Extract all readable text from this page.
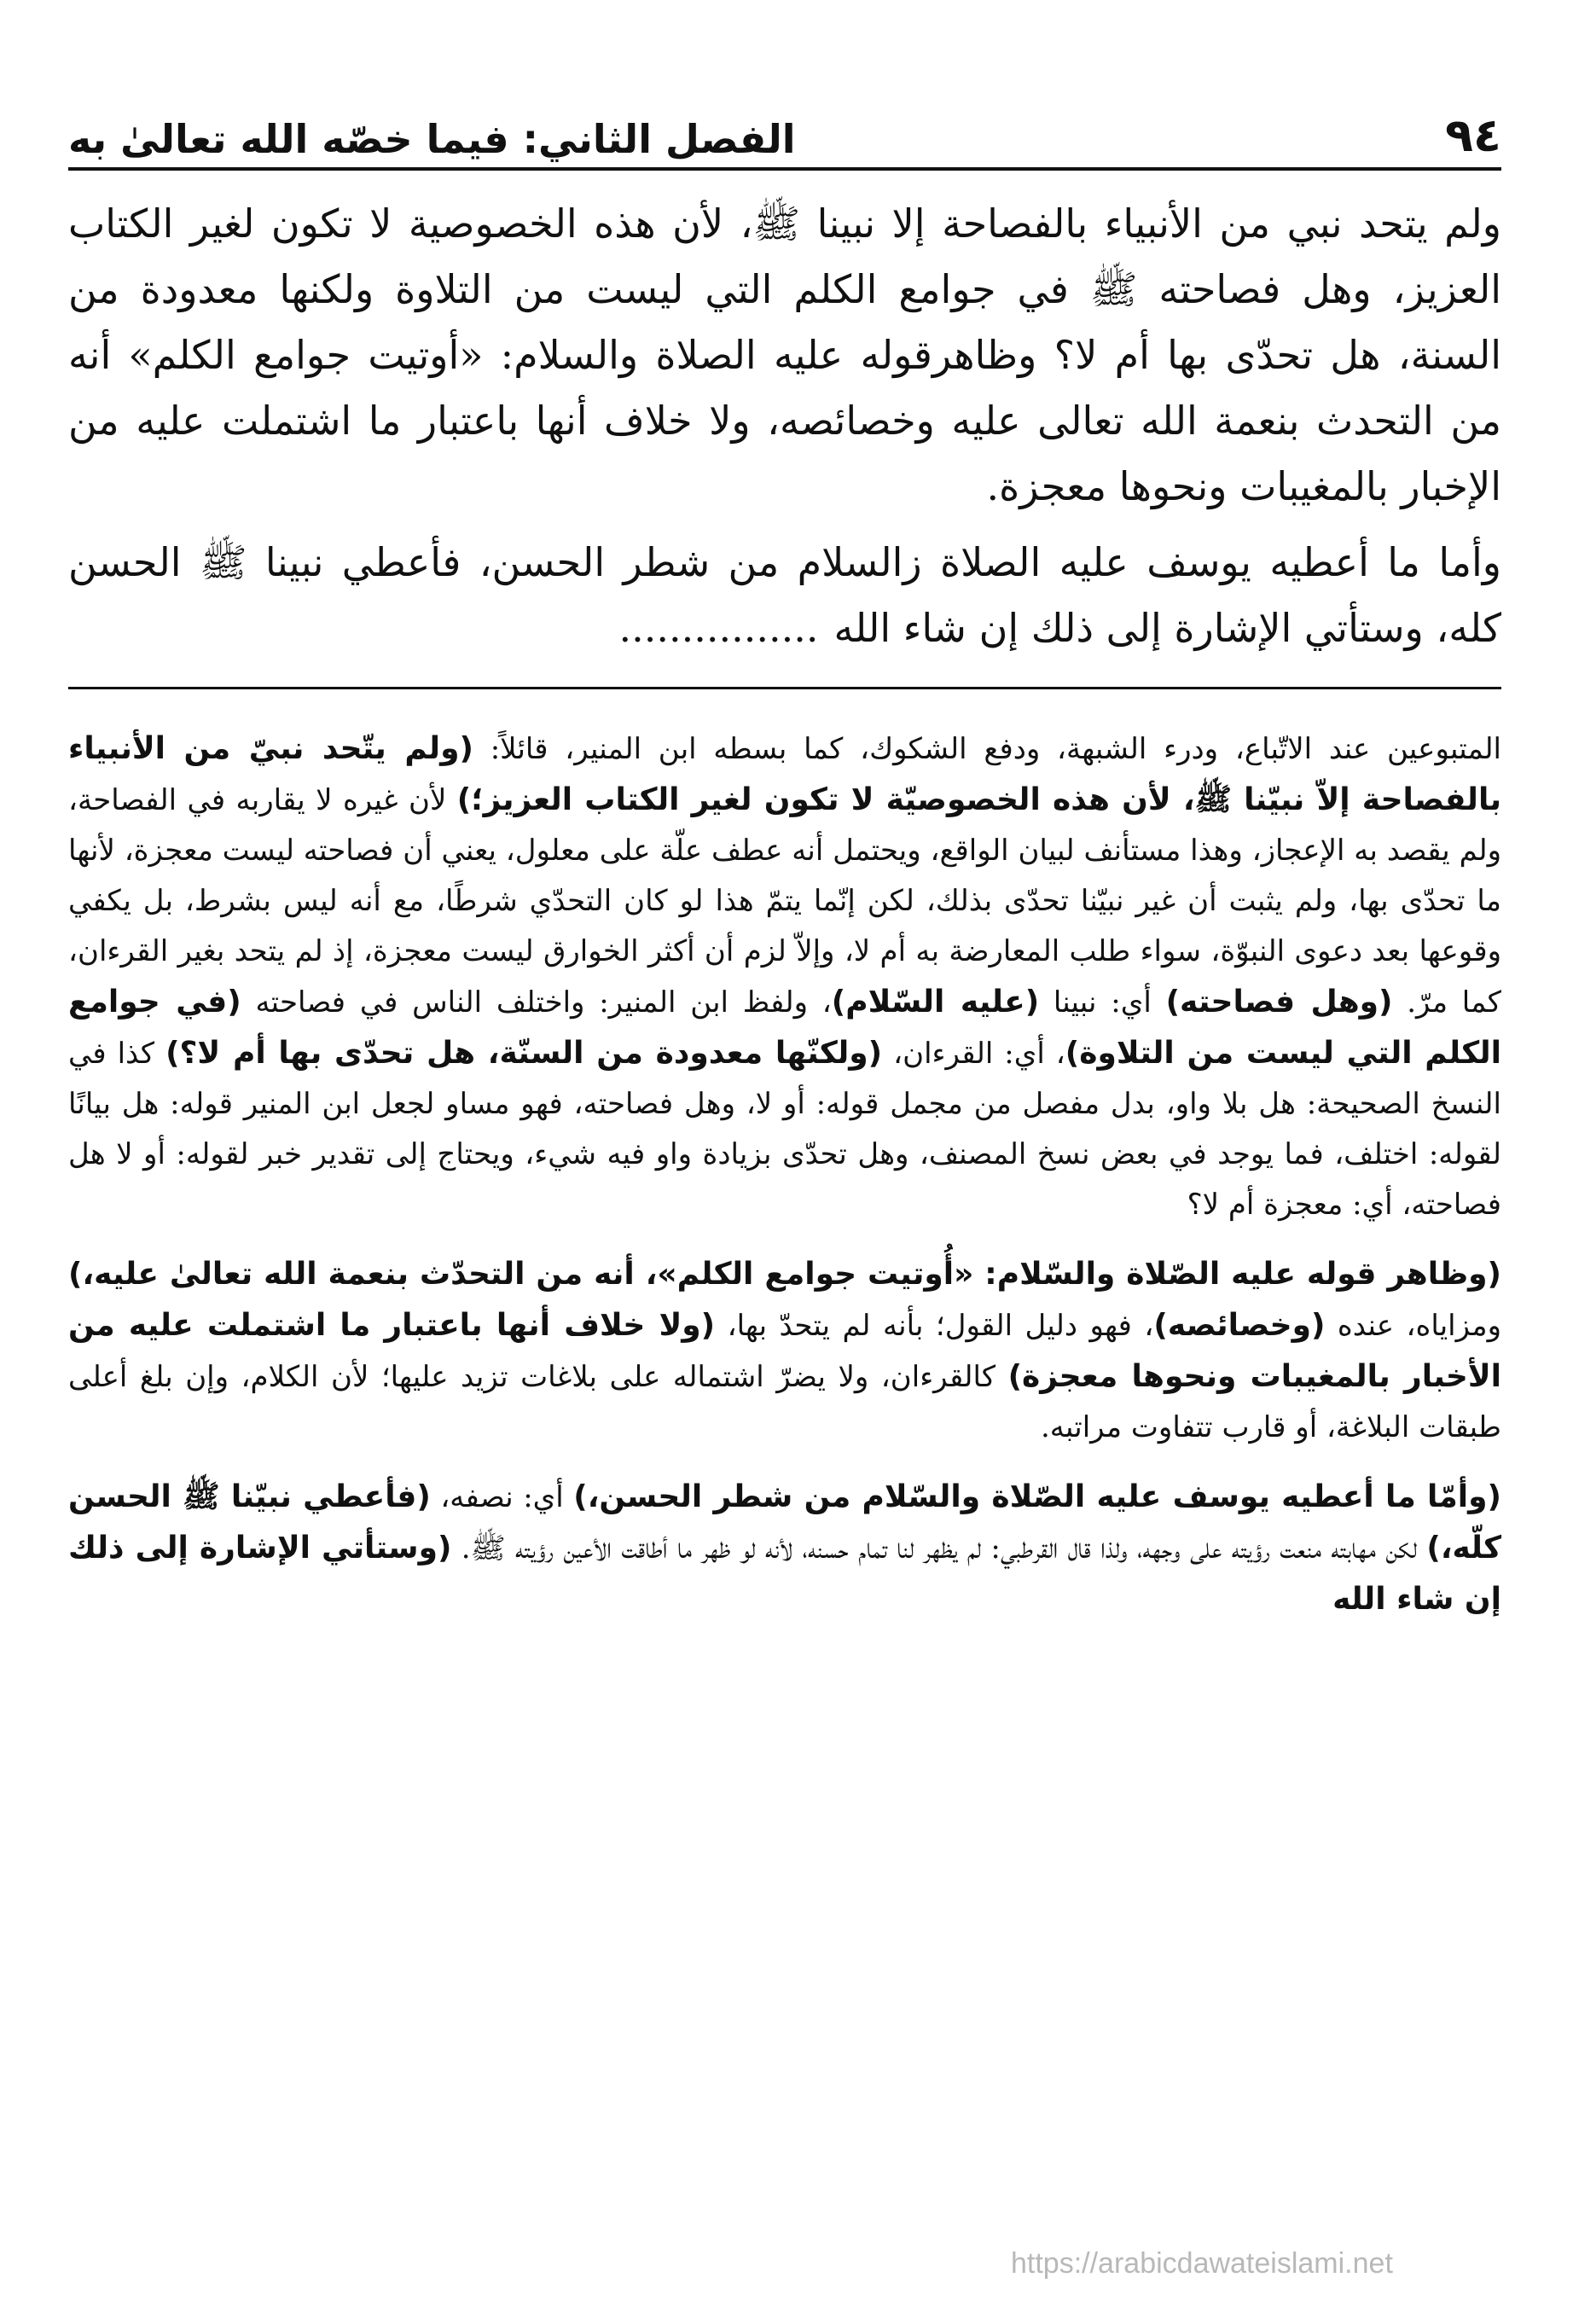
٩٤
الفصل الثاني: فيما خصّه الله تعالىٰ به

ولم يتحد نبي من الأنبياء بالفصاحة إلا نبينا ﷺ، لأن هذه الخصوصية لا تكون لغير الكتاب العزيز، وهل فصاحته ﷺ في جوامع الكلم التي ليست من التلاوة ولكنها معدودة من السنة، هل تحدّى بها أم لا؟ وظاهرقوله عليه الصلاة والسلام: «أوتيت جوامع الكلم» أنه من التحدث بنعمة الله تعالى عليه وخصائصه، ولا خلاف أنها باعتبار ما اشتملت عليه من الإخبار بالمغيبات ونحوها معجزة.

وأما ما أعطيه يوسف عليه الصلاة زالسلام من شطر الحسن، فأعطي نبينا ﷺ الحسن كله، وستأتي الإشارة إلى ذلك إن شاء الله................

المتبوعين عند الاتّباع، ودرء الشبهة، ودفع الشكوك، كما بسطه ابن المنير، قائلاً: (ولم يتّحد نبيّ من الأنبياء بالفصاحة إلاّ نبيّنا ﷺ، لأن هذه الخصوصيّة لا تكون لغير الكتاب العزيز؛) لأن غيره لا يقاربه في الفصاحة، ولم يقصد به الإعجاز، وهذا مستأنف لبيان الواقع، ويحتمل أنه عطف علّة على معلول، يعني أن فصاحته ليست معجزة، لأنها ما تحدّى بها، ولم يثبت أن غير نبيّنا تحدّى بذلك، لكن إنّما يتمّ هذا لو كان التحدّي شرطًا، مع أنه ليس بشرط، بل يكفي وقوعها بعد دعوى النبوّة، سواء طلب المعارضة به أم لا، وإلاّ لزم أن أكثر الخوارق ليست معجزة، إذ لم يتحد بغير القرءان، كما مرّ. (وهل فصاحته) أي: نبينا (عليه السّلام)، ولفظ ابن المنير: واختلف الناس في فصاحته (في جوامع الكلم التي ليست من التلاوة)، أي: القرءان، (ولكنّها معدودة من السنّة، هل تحدّى بها أم لا؟) كذا في النسخ الصحيحة: هل بلا واو، بدل مفصل من مجمل قوله: أو لا، وهل فصاحته، فهو مساو لجعل ابن المنير قوله: هل بيانًا لقوله: اختلف، فما يوجد في بعض نسخ المصنف، وهل تحدّى بزيادة واو فيه شيء، ويحتاج إلى تقدير خبر لقوله: أو لا هل فصاحته، أي: معجزة أم لا؟

(وظاهر قوله عليه الصّلاة والسّلام: «أُوتيت جوامع الكلم»، أنه من التحدّث بنعمة الله تعالىٰ عليه،) ومزاياه، عنده (وخصائصه)، فهو دليل القول؛ بأنه لم يتحدّ بها، (ولا خلاف أنها باعتبار ما اشتملت عليه من الأخبار بالمغيبات ونحوها معجزة) كالقرءان، ولا يضرّ اشتماله على بلاغات تزيد عليها؛ لأن الكلام، وإن بلغ أعلى طبقات البلاغة، أو قارب تتفاوت مراتبه.

(وأمّا ما أعطيه يوسف عليه الصّلاة والسّلام من شطر الحسن،) أي: نصفه، (فأعطي نبيّنا ﷺ الحسن كلّه،) لكن مهابته منعت رؤيته على وجهه، ولذا قال القرطبي: لم يظهر لنا تمام حسنه، لأنه لو ظهر ما أطاقت الأعين رؤيته ﷺ. (وستأتي الإشارة إلى ذلك إن شاء الله

https://arabicdawateislami.net
